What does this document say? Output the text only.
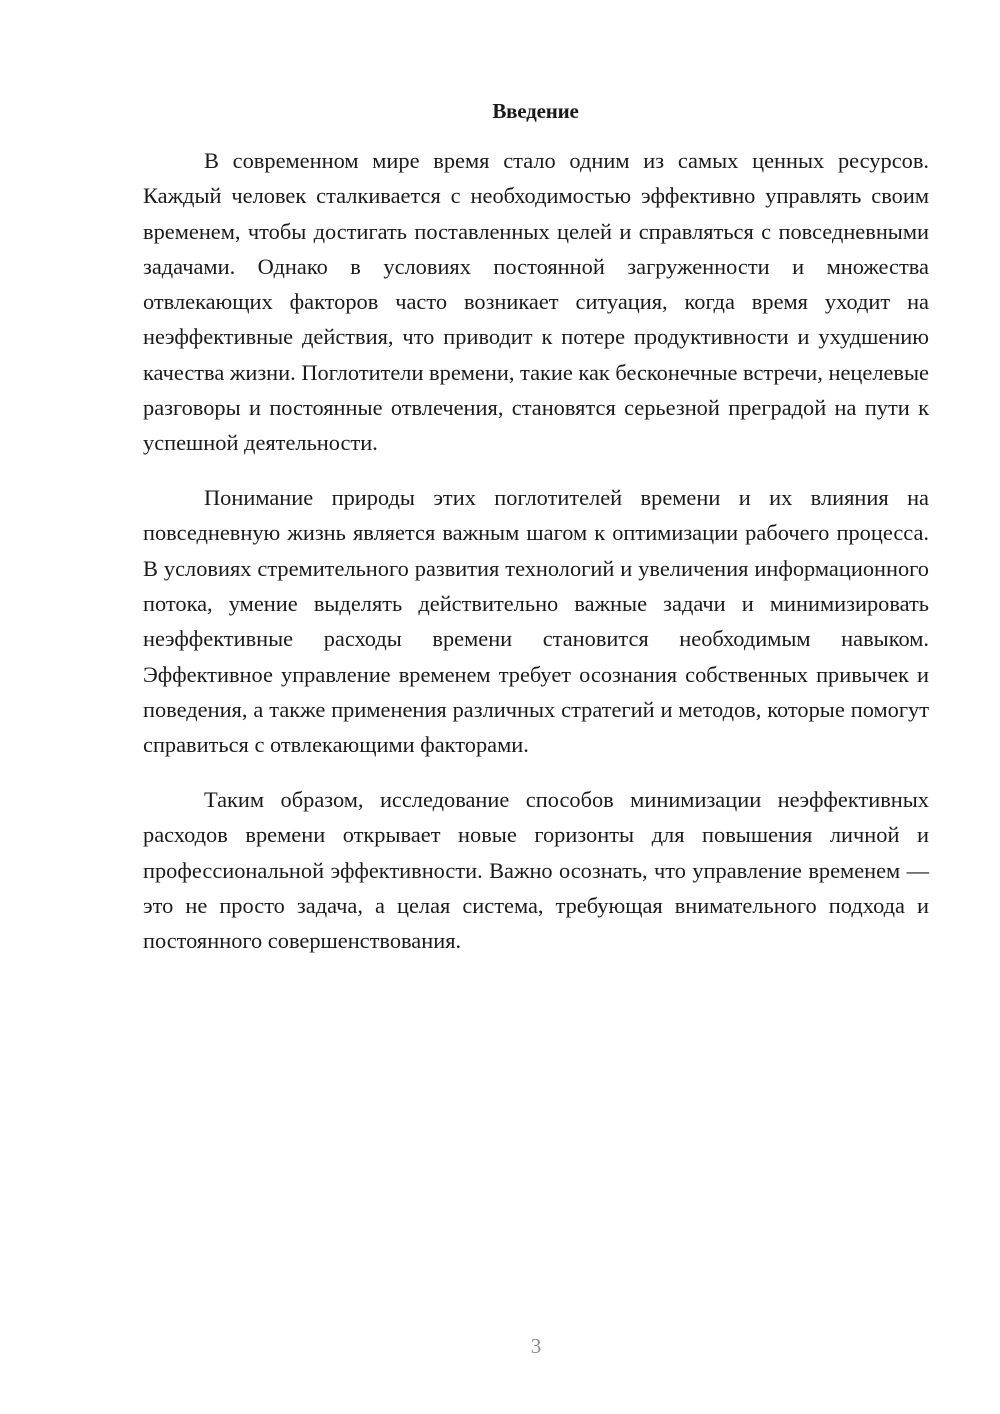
Введение

В современном мире время стало одним из самых ценных ресурсов. Каждый человек сталкивается с необходимостью эффективно управлять своим временем, чтобы достигать поставленных целей и справляться с повседневными задачами. Однако в условиях постоянной загруженности и множества отвлекающих факторов часто возникает ситуация, когда время уходит на неэффективные действия, что приводит к потере продуктивности и ухудшению качества жизни. Поглотители времени, такие как бесконечные встречи, нецелевые разговоры и постоянные отвлечения, становятся серьезной преградой на пути к успешной деятельности.

Понимание природы этих поглотителей времени и их влияния на повседневную жизнь является важным шагом к оптимизации рабочего процесса. В условиях стремительного развития технологий и увеличения информационного потока, умение выделять действительно важные задачи и минимизировать неэффективные расходы времени становится необходимым навыком. Эффективное управление временем требует осознания собственных привычек и поведения, а также применения различных стратегий и методов, которые помогут справиться с отвлекающими факторами.

Таким образом, исследование способов минимизации неэффективных расходов времени открывает новые горизонты для повышения личной и профессиональной эффективности. Важно осознать, что управление временем — это не просто задача, а целая система, требующая внимательного подхода и постоянного совершенствования.

3
